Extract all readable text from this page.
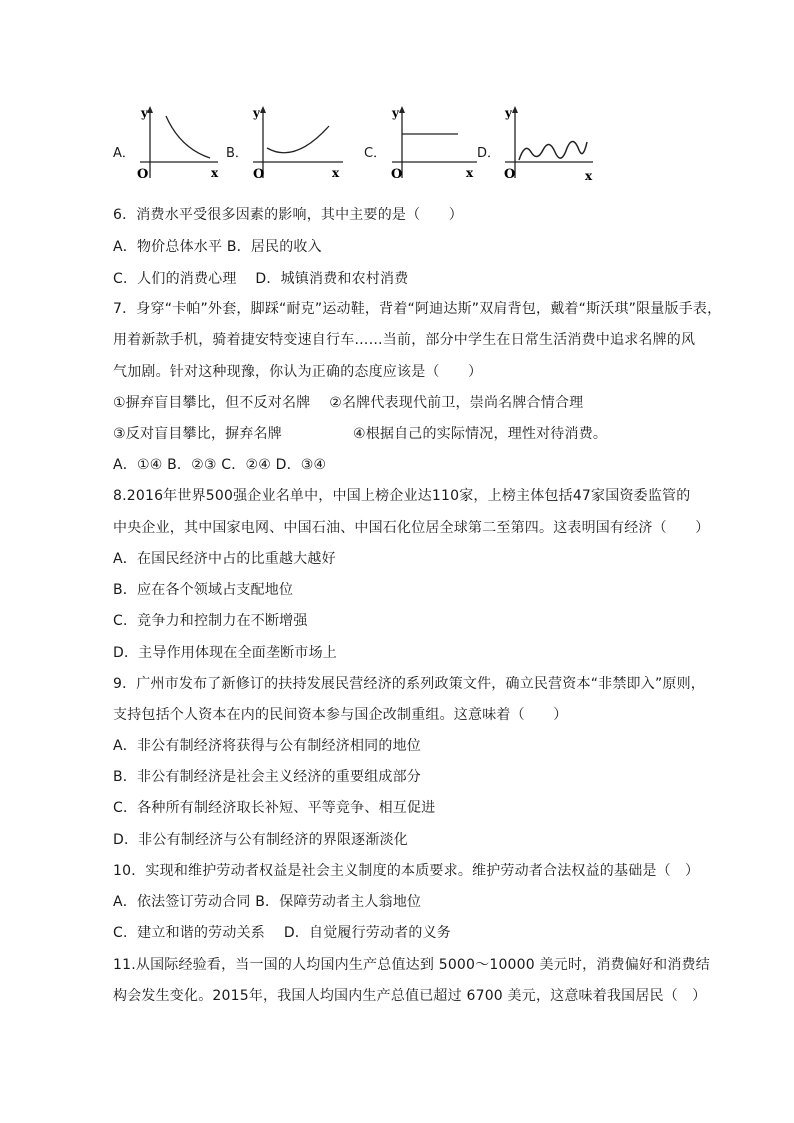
A．
y
x
O
B．
y
x
O
C．
y
x
O
D．
y
x
O
6．消费水平受很多因素的影响，其中主要的是（　　）
A．物价总体水平 B．居民的收入
C．人们的消费心理　 D．城镇消费和农村消费
7．身穿“卡帕”外套，脚踩“耐克”运动鞋，背着“阿迪达斯”双肩背包，戴着“斯沃琪”限量版手表，
用着新款手机，骑着捷安特变速自行车……当前，部分中学生在日常生活消费中追求名牌的风
气加剧。针对这种现豫，你认为正确的态度应该是（　　）
①摒弃盲目攀比，但不反对名牌　 ②名牌代表现代前卫，崇尚名牌合情合理
③反对盲目攀比，摒弃名牌　　　　　④根据自己的实际情况，理性对待消费。
A．①④ B．②③ C．②④ D．③④
8.2016年世界500强企业名单中，中国上榜企业达110家，上榜主体包括47家国资委监管的
中央企业，其中国家电网、中国石油、中国石化位居全球第二至第四。这表明国有经济（　　）
A．在国民经济中占的比重越大越好
B．应在各个领域占支配地位
C．竞争力和控制力在不断增强
D．主导作用体现在全面垄断市场上
9．广州市发布了新修订的扶持发展民营经济的系列政策文件，确立民营资本“非禁即入”原则，
支持包括个人资本在内的民间资本参与国企改制重组。这意味着（　　）
A．非公有制经济将获得与公有制经济相同的地位
B．非公有制经济是社会主义经济的重要组成部分
C．各种所有制经济取长补短、平等竞争、相互促进
D．非公有制经济与公有制经济的界限逐渐淡化
10．实现和维护劳动者权益是社会主义制度的本质要求。维护劳动者合法权益的基础是（　）
A．依法签订劳动合同 B．保障劳动者主人翁地位
C．建立和谐的劳动关系　 D．自觉履行劳动者的义务
11.从国际经验看，当一国的人均国内生产总值达到 5000～10000 美元时，消费偏好和消费结
构会发生变化。2015年，我国人均国内生产总值已超过 6700 美元，这意味着我国居民（　）
